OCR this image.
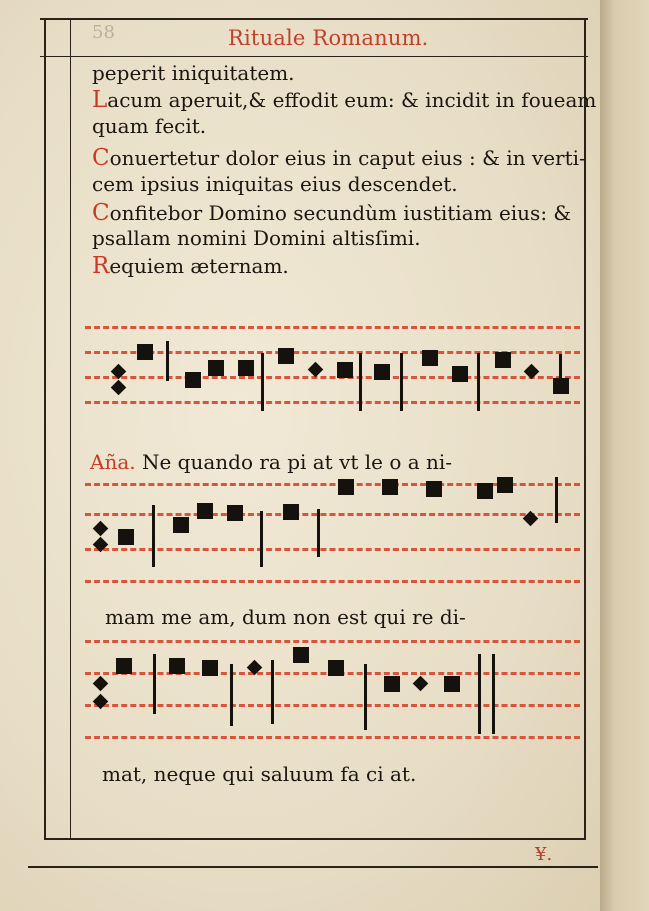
58	Rituale Romanum.
peperit iniquitatem.
Lacum aperuit,& effodit eum: & incidit in foueam
quam fecit.
Conuertetur dolor eius in caput eius : & in verti-
cem ipsius iniquitas eius descendet.
Confitebor Domino secundùm iustitiam eius: &
psallam nomini Domini altisſimi.
Requiem æternam.
Aña. Ne quando ra pi at vt le o a ni-
mam me am, dum non est qui re di-
mat, neque qui saluum fa ci at.
¥.
